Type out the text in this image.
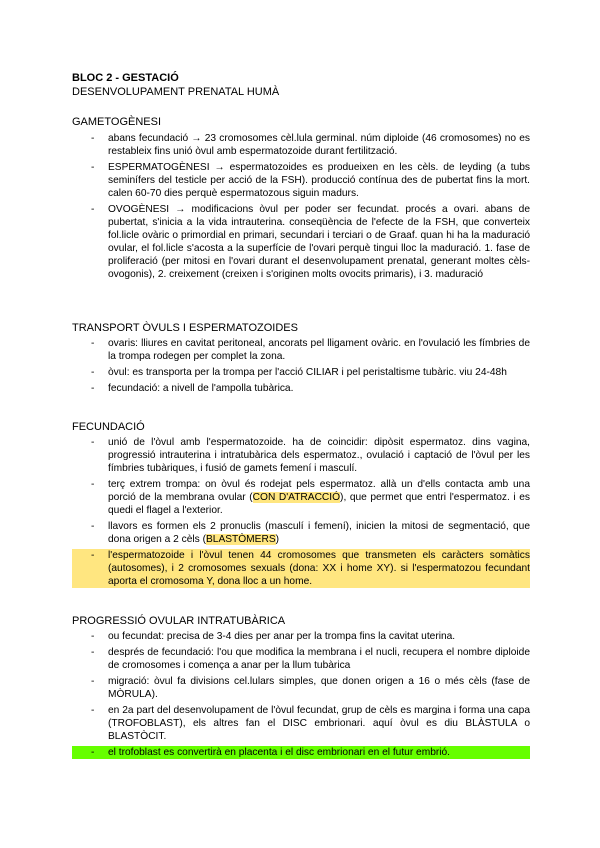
BLOC 2 - GESTACIÓ
DESENVOLUPAMENT PRENATAL HUMÀ
GAMETOGÈNESI
- abans fecundació → 23 cromosomes cèl.lula germinal. núm diploide (46 cromosomes) no es restableix fins unió òvul amb espermatozoide durant fertilització.
- ESPERMATOGÈNESI → espermatozoides es produeixen en les cèls. de leyding (a tubs seminífers del testicle per acció de la FSH). producció contínua des de pubertat fins la mort. calen 60-70 dies perquè espermatozous siguin madurs.
- OVOGÈNESI → modificacions òvul per poder ser fecundat. procés a ovari. abans de pubertat, s'inicia a la vida intrauterina. conseqüència de l'efecte de la FSH, que converteix fol.licle ovàric o primordial en primari, secundari i terciari o de Graaf. quan hi ha la maduració ovular, el fol.licle s'acosta a la superfície de l'ovari perquè tingui lloc la maduració. 1. fase de proliferació (per mitosi en l'ovari durant el desenvolupament prenatal, generant moltes cèls-ovogonis), 2. creixement (creixen i s'originen molts ovocits primaris), i 3. maduració
TRANSPORT ÒVULS I ESPERMATOZOIDES
- ovaris: lliures en cavitat peritoneal, ancorats pel lligament ovàric. en l'ovulació les fímbries de la trompa rodegen per complet la zona.
- òvul: es transporta per la trompa per l'acció CILIAR i pel peristaltisme tubàric. viu 24-48h
- fecundació: a nivell de l'ampolla tubàrica.
FECUNDACIÓ
- unió de l'òvul amb l'espermatozoide. ha de coincidir: dipòsit espermatoz. dins vagina, progressió intrauterina i intratubàrica dels espermatoz., ovulació i captació de l'òvul per les fímbries tubàriques, i fusió de gamets femení i masculí.
- terç extrem trompa: on òvul és rodejat pels espermatoz. allà un d'ells contacta amb una porció de la membrana ovular (CON D'ATRACCIÓ), que permet que entri l'espermatoz. i es quedi el flagel a l'exterior.
- llavors es formen els 2 pronuclis (masculí i femení), inicien la mitosi de segmentació, que dona origen a 2 cèls (BLASTÒMERS)
- l'espermatozoide i l'òvul tenen 44 cromosomes que transmeten els caràcters somàtics (autosomes), i 2 cromosomes sexuals (dona: XX i home XY). si l'espermatozou fecundant aporta el cromosoma Y, dona lloc a un home.
PROGRESSIÓ OVULAR INTRATUBÀRICA
- ou fecundat: precisa de 3-4 dies per anar per la trompa fins la cavitat uterina.
- després de fecundació: l'ou que modifica la membrana i el nucli, recupera el nombre diploide de cromosomes i comença a anar per la llum tubàrica
- migració: òvul fa divisions cel.lulars simples, que donen origen a 16 o més cèls (fase de MÒRULA).
- en 2a part del desenvolupament de l'òvul fecundat, grup de cèls es margina i forma una capa (TROFOBLAST), els altres fan el DISC embrionari. aquí òvul es diu BLÀSTULA o BLASTÒCIT.
- el trofoblast es convertirà en placenta i el disc embrionari en el futur embrió.
